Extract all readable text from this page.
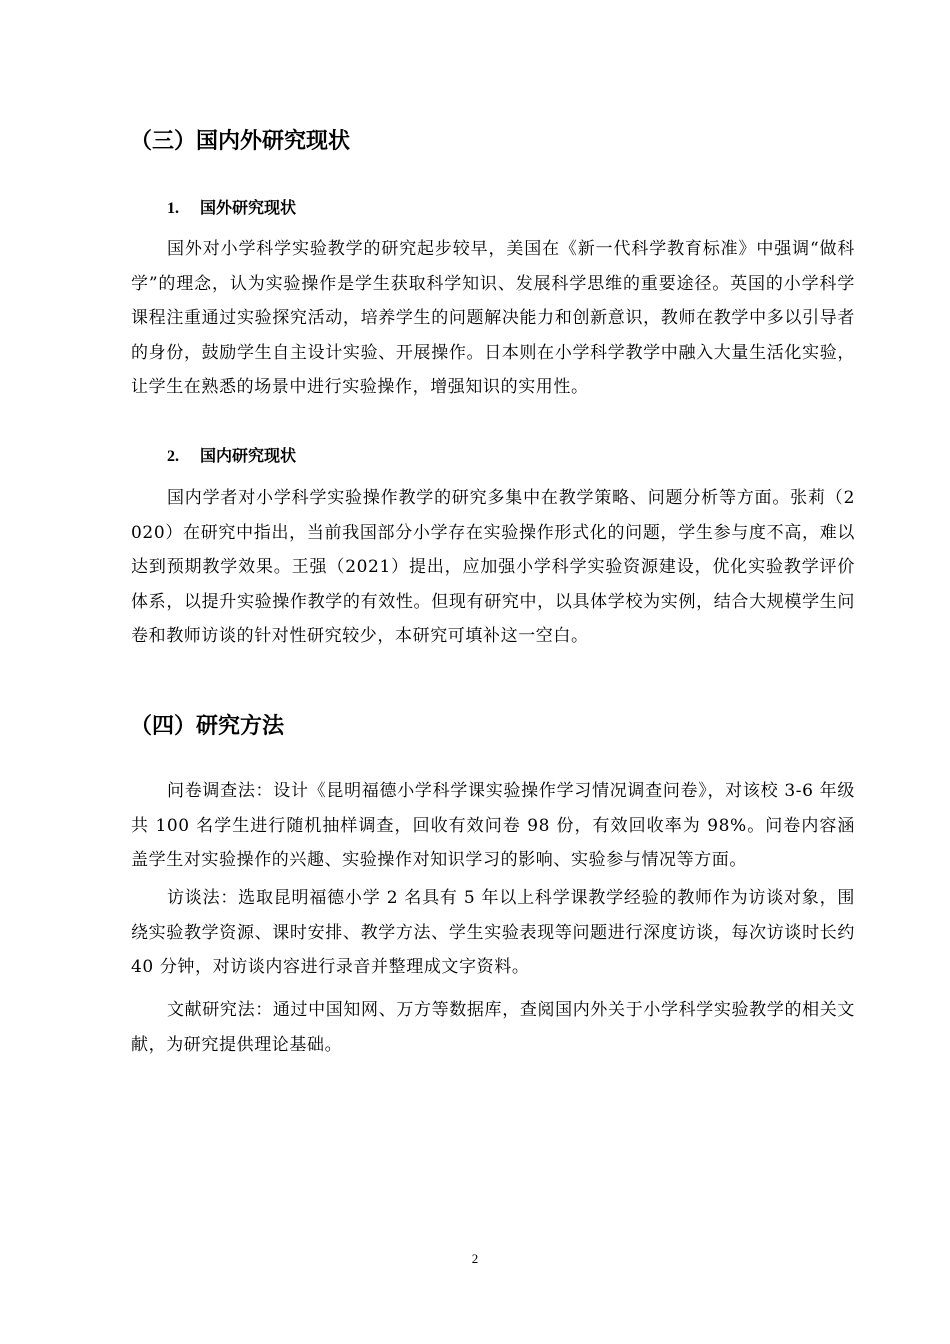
（三）国内外研究现状
1. 国外研究现状

国外对小学科学实验教学的研究起步较早，美国在《新一代科学教育标准》中强调“做科学”的理念，认为实验操作是学生获取科学知识、发展科学思维的重要途径。英国的小学科学课程注重通过实验探究活动，培养学生的问题解决能力和创新意识，教师在教学中多以引导者的身份，鼓励学生自主设计实验、开展操作。日本则在小学科学教学中融入大量生活化实验，让学生在熟悉的场景中进行实验操作，增强知识的实用性。

2. 国内研究现状

国内学者对小学科学实验操作教学的研究多集中在教学策略、问题分析等方面。张莉（2020）在研究中指出，当前我国部分小学存在实验操作形式化的问题，学生参与度不高，难以达到预期教学效果。王强（2021）提出，应加强小学科学实验资源建设，优化实验教学评价体系，以提升实验操作教学的有效性。但现有研究中，以具体学校为实例，结合大规模学生问卷和教师访谈的针对性研究较少，本研究可填补这一空白。

（四）研究方法

问卷调查法：设计《昆明福德小学科学课实验操作学习情况调查问卷》，对该校 3-6 年级共 100 名学生进行随机抽样调查，回收有效问卷 98 份，有效回收率为 98%。问卷内容涵盖学生对实验操作的兴趣、实验操作对知识学习的影响、实验参与情况等方面。

访谈法：选取昆明福德小学 2 名具有 5 年以上科学课教学经验的教师作为访谈对象，围绕实验教学资源、课时安排、教学方法、学生实验表现等问题进行深度访谈，每次访谈时长约 40 分钟，对访谈内容进行录音并整理成文字资料。

文献研究法：通过中国知网、万方等数据库，查阅国内外关于小学科学实验教学的相关文献，为研究提供理论基础。

2
